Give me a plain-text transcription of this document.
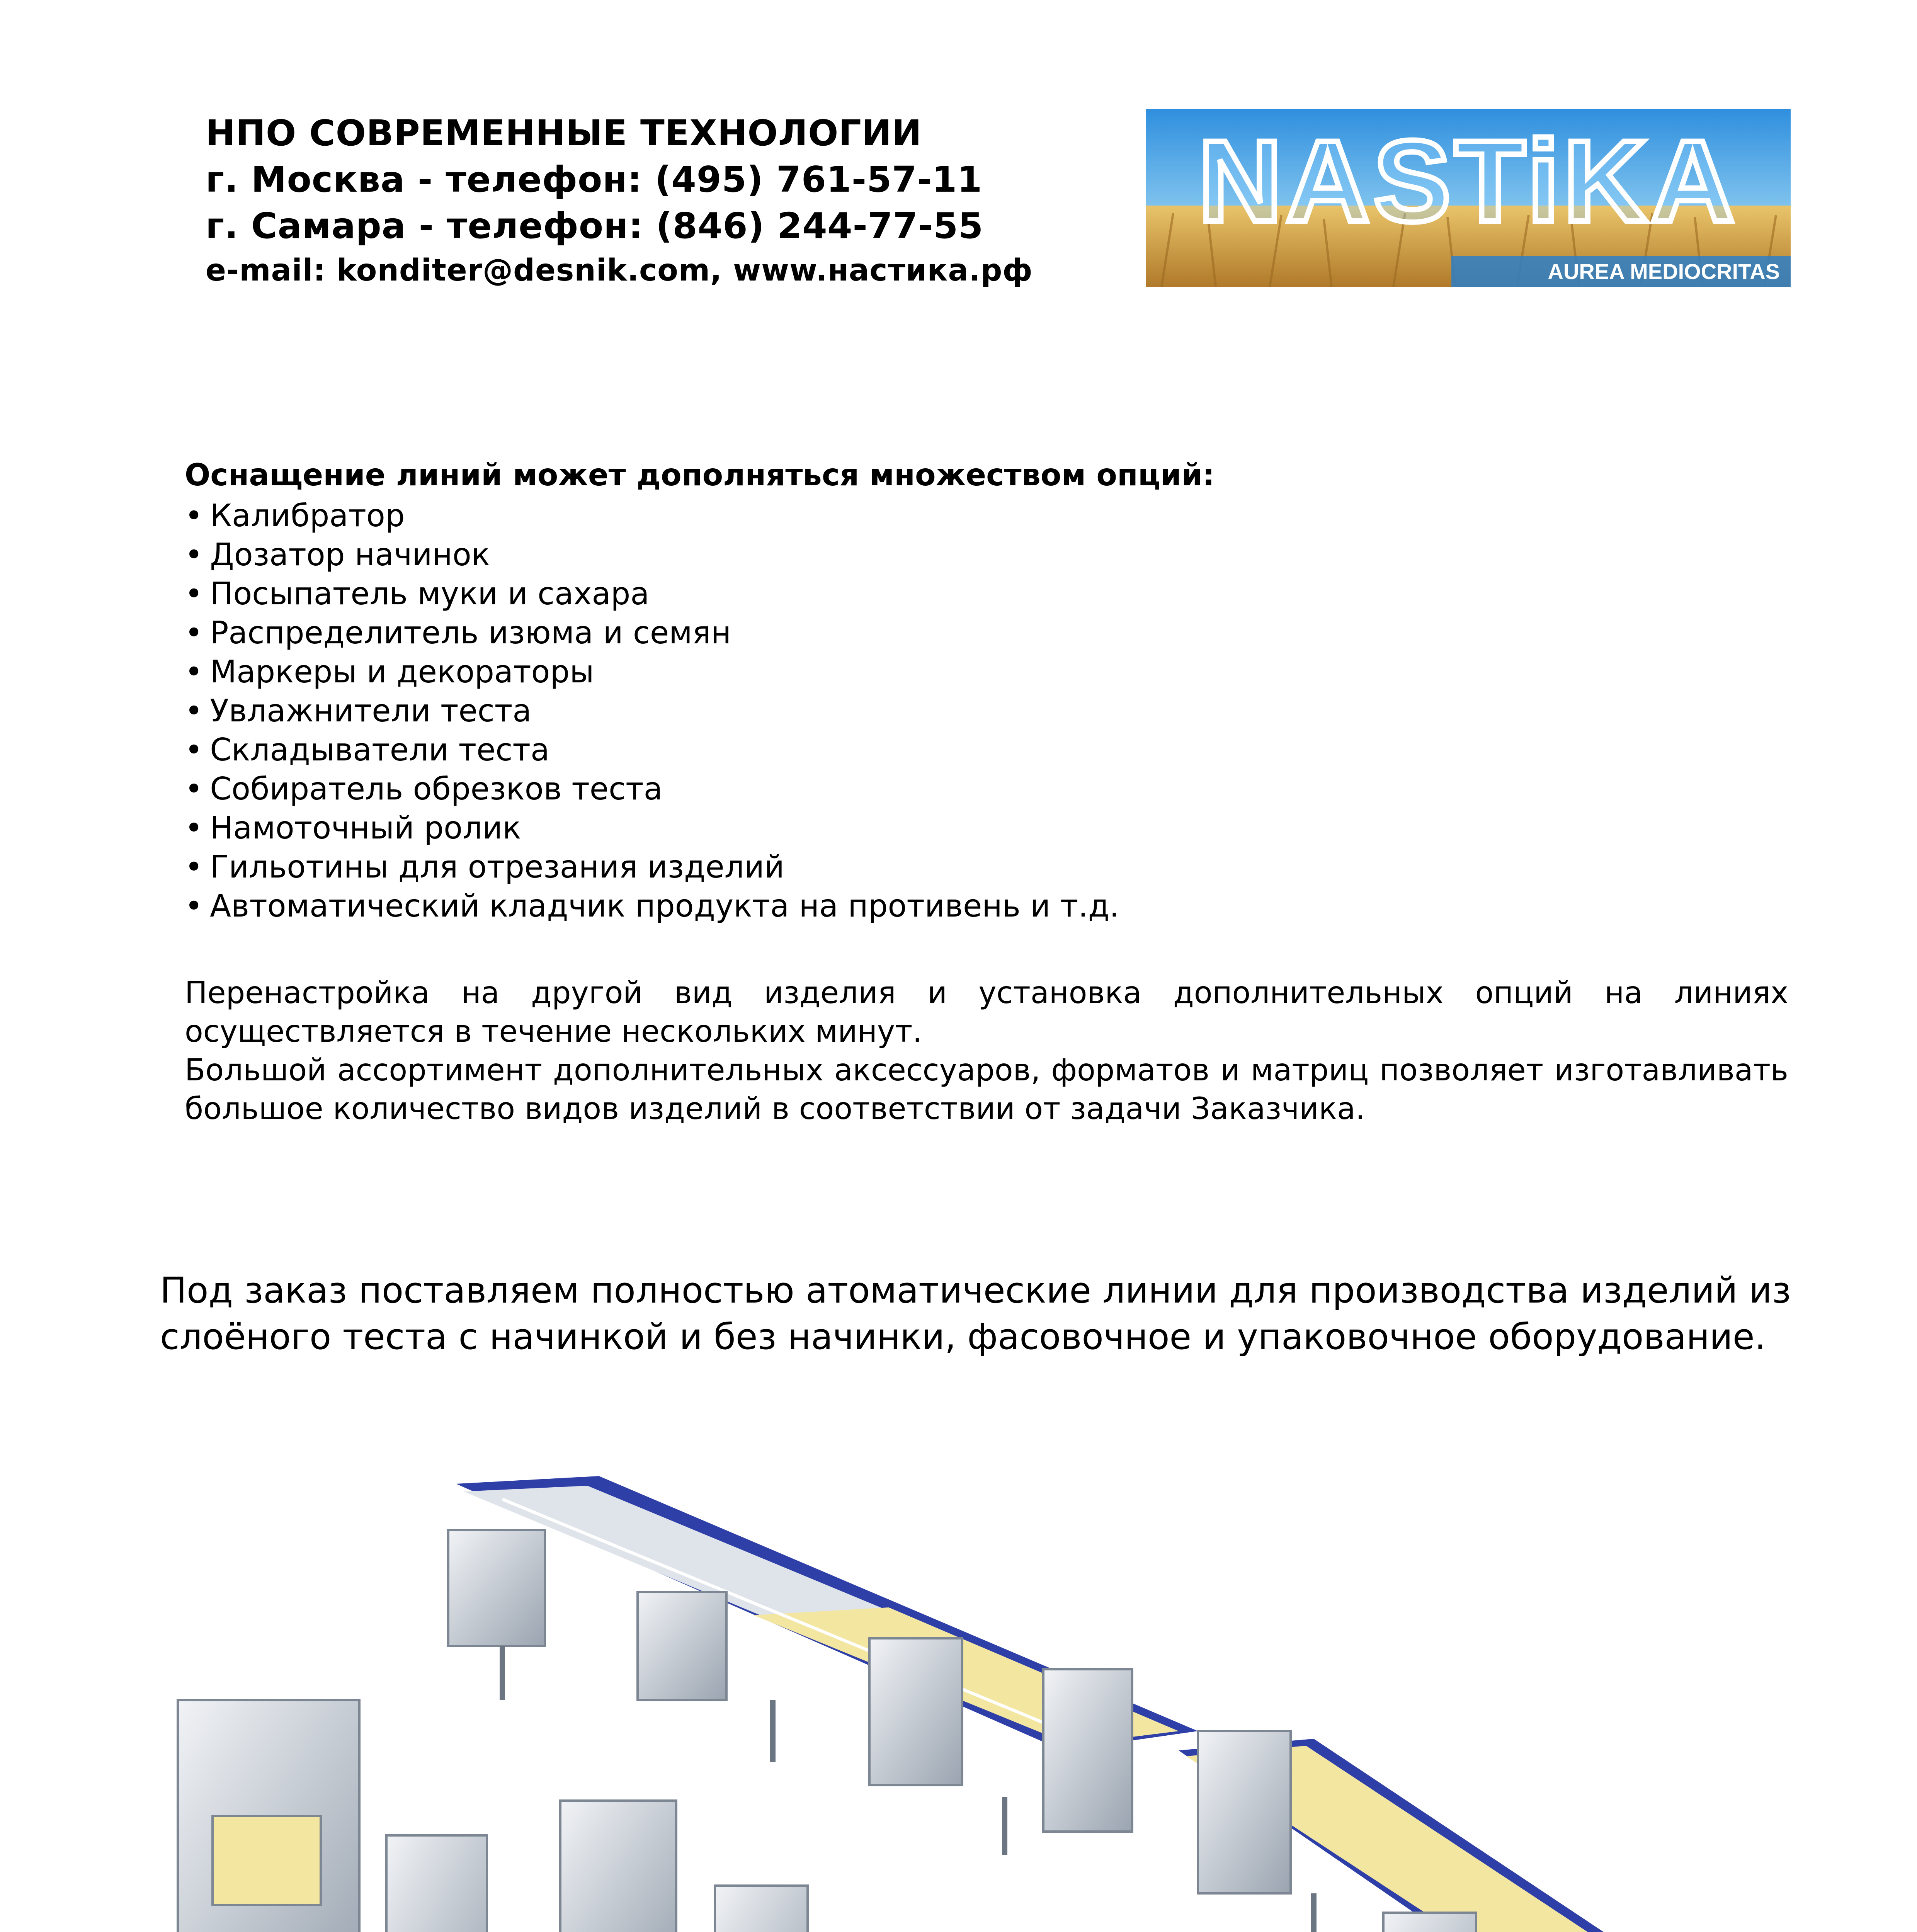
НПО СОВРЕМЕННЫЕ ТЕХНОЛОГИИ
г. Москва - телефон: (495) 761-57-11
г. Самара - телефон: (846) 244-77-55
e-mail: konditer@desnik.com, www.настика.рф
NASTiKA
AUREA MEDIOCRITAS
Оснащение линий может дополняться множеством опций:
• Калибратор
• Дозатор начинок
• Посыпатель муки и сахара
• Распределитель изюма и семян
• Маркеры и декораторы
• Увлажнители теста
• Складыватели теста
• Собиратель обрезков теста
• Намоточный ролик
• Гильотины для отрезания изделий
• Автоматический кладчик продукта на противень и т.д.

Перенастройка на другой вид изделия и установка дополнительных опций на линиях осуществляется в течение нескольких минут.

Большой ассортимент дополнительных аксессуаров, форматов и матриц позволяет изготавливать большое количество видов изделий в соответствии от задачи Заказчика.

Под заказ поставляем полностью атоматические линии для производства изделий из слоёного теста с начинкой и без начинки, фасовочное и упаковочное оборудование.
